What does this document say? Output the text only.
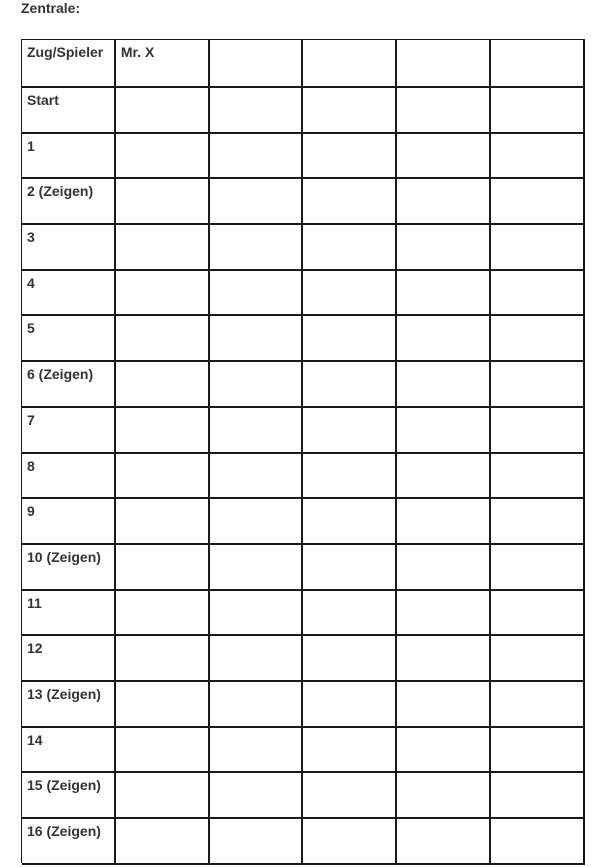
Zentrale:
Zug/Spieler	Mr. X
Start
1
2 (Zeigen)
3
4
5
6 (Zeigen)
7
8
9
10 (Zeigen)
11
12
13 (Zeigen)
14
15 (Zeigen)
16 (Zeigen)
